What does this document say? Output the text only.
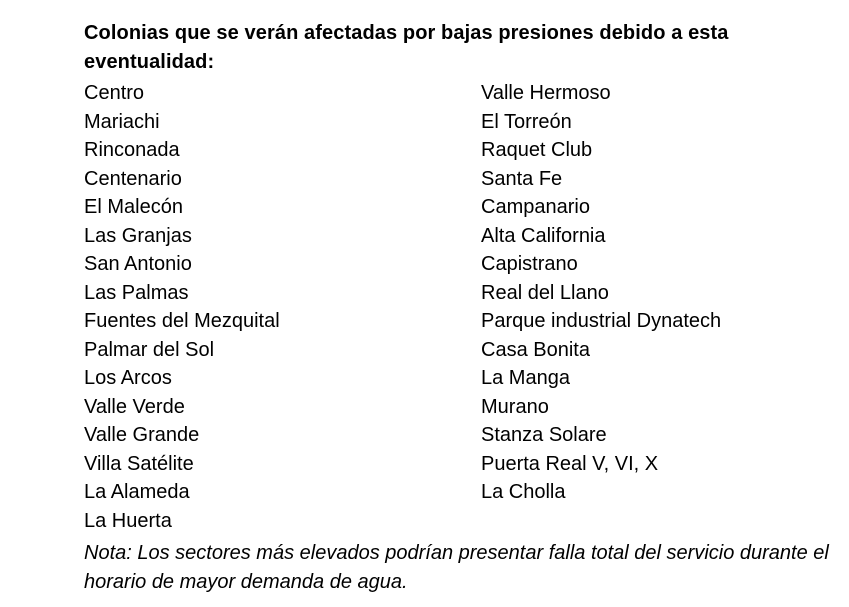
Colonias que se verán afectadas por bajas presiones debido a esta eventualidad:
Centro
Mariachi
Rinconada
Centenario
El Malecón
Las Granjas
San Antonio
Las Palmas
Fuentes del Mezquital
Palmar del Sol
Los Arcos
Valle Verde
Valle Grande
Villa Satélite
La Alameda
La Huerta
Valle Hermoso
El Torreón
Raquet Club
Santa Fe
Campanario
Alta California
Capistrano
Real del Llano
Parque industrial Dynatech
Casa Bonita
La Manga
Murano
Stanza Solare
Puerta Real V, VI, X
La Cholla

Nota: Los sectores más elevados podrían presentar falla total del servicio durante el horario de mayor demanda de agua.
